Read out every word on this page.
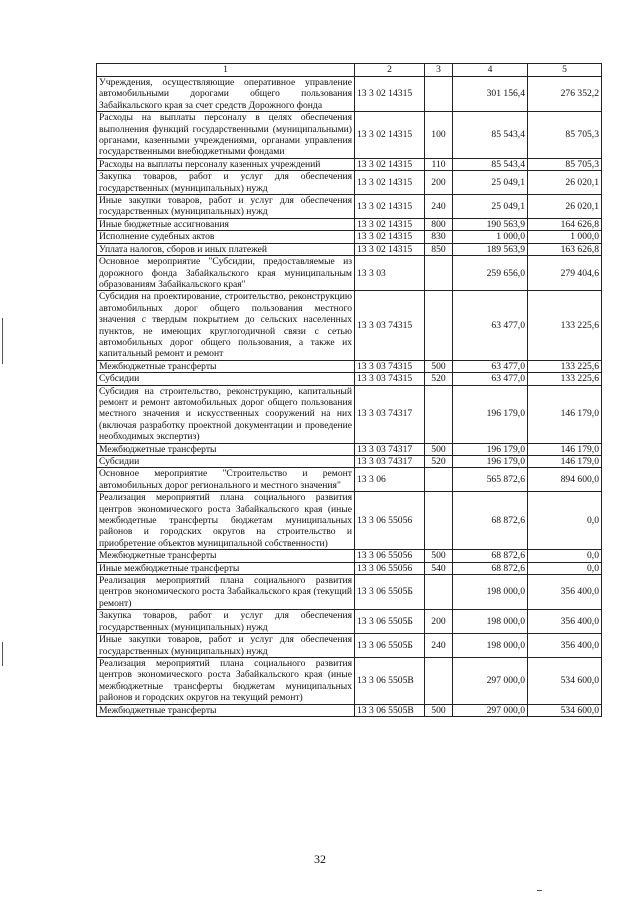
1	2	3	4	5
Учреждения, осуществляющие оперативное управление автомобильными дорогами общего пользования Забайкальского края за счет средств Дорожного фонда	13 3 02 14315		301 156,4	276 352,2
Расходы на выплаты персоналу в целях обеспечения выполнения функций государственными (муниципальными) органами, казенными учреждениями, органами управления государственными внебюджетными фондами	13 3 02 14315	100	85 543,4	85 705,3
Расходы на выплаты персоналу казенных учреждений	13 3 02 14315	110	85 543,4	85 705,3
Закупка товаров, работ и услуг для обеспечения государственных (муниципальных) нужд	13 3 02 14315	200	25 049,1	26 020,1
Иные закупки товаров, работ и услуг для обеспечения государственных (муниципальных) нужд	13 3 02 14315	240	25 049,1	26 020,1
Иные бюджетные ассигнования	13 3 02 14315	800	190 563,9	164 626,8
Исполнение судебных актов	13 3 02 14315	830	1 000,0	1 000,0
Уплата налогов, сборов и иных платежей	13 3 02 14315	850	189 563,9	163 626,8
Основное мероприятие "Субсидии, предоставляемые из дорожного фонда Забайкальского края муниципальным образованиям Забайкальского края"	13 3 03		259 656,0	279 404,6
Субсидия на проектирование, строительство, реконструкцию автомобильных дорог общего пользования местного значения с твердым покрытием до сельских населенных пунктов, не имеющих круглогодичной связи с сетью автомобильных дорог общего пользования, а также их капитальный ремонт и ремонт	13 3 03 74315		63 477,0	133 225,6
Межбюджетные трансферты	13 3 03 74315	500	63 477,0	133 225,6
Субсидии	13 3 03 74315	520	63 477,0	133 225,6
Субсидия на строительство, реконструкцию, капитальный ремонт и ремонт автомобильных дорог общего пользования местного значения и искусственных сооружений на них (включая разработку проектной документации и проведение необходимых экспертиз)	13 3 03 74317		196 179,0	146 179,0
Межбюджетные трансферты	13 3 03 74317	500	196 179,0	146 179,0
Субсидии	13 3 03 74317	520	196 179,0	146 179,0
Основное мероприятие "Строительство и ремонт автомобильных дорог регионального и местного значения"	13 3 06		565 872,6	894 600,0
Реализация мероприятий плана социального развития центров экономического роста Забайкальского края (иные межбюдетные трансферты бюджетам муниципальных районов и городских округов на строительство и приобретение объектов муниципальной собственности)	13 3 06 55056		68 872,6	0,0
Межбюджетные трансферты	13 3 06 55056	500	68 872,6	0,0
Иные межбюджетные трансферты	13 3 06 55056	540	68 872,6	0,0
Реализация мероприятий плана социального развития центров экономического роста Забайкальского края (текущий ремонт)	13 3 06 5505Б		198 000,0	356 400,0
Закупка товаров, работ и услуг для обеспечения государственных (муниципальных) нужд	13 3 06 5505Б	200	198 000,0	356 400,0
Иные закупки товаров, работ и услуг для обеспечения государственных (муниципальных) нужд	13 3 06 5505Б	240	198 000,0	356 400,0
Реализация мероприятий плана социального развития центров экономического роста Забайкальского края (иные межбюджетные трансферты бюджетам муниципальных районов и городских округов на текущий ремонт)	13 3 06 5505В		297 000,0	534 600,0
Межбюджетные трансферты	13 3 06 5505В	500	297 000,0	534 600,0
32
